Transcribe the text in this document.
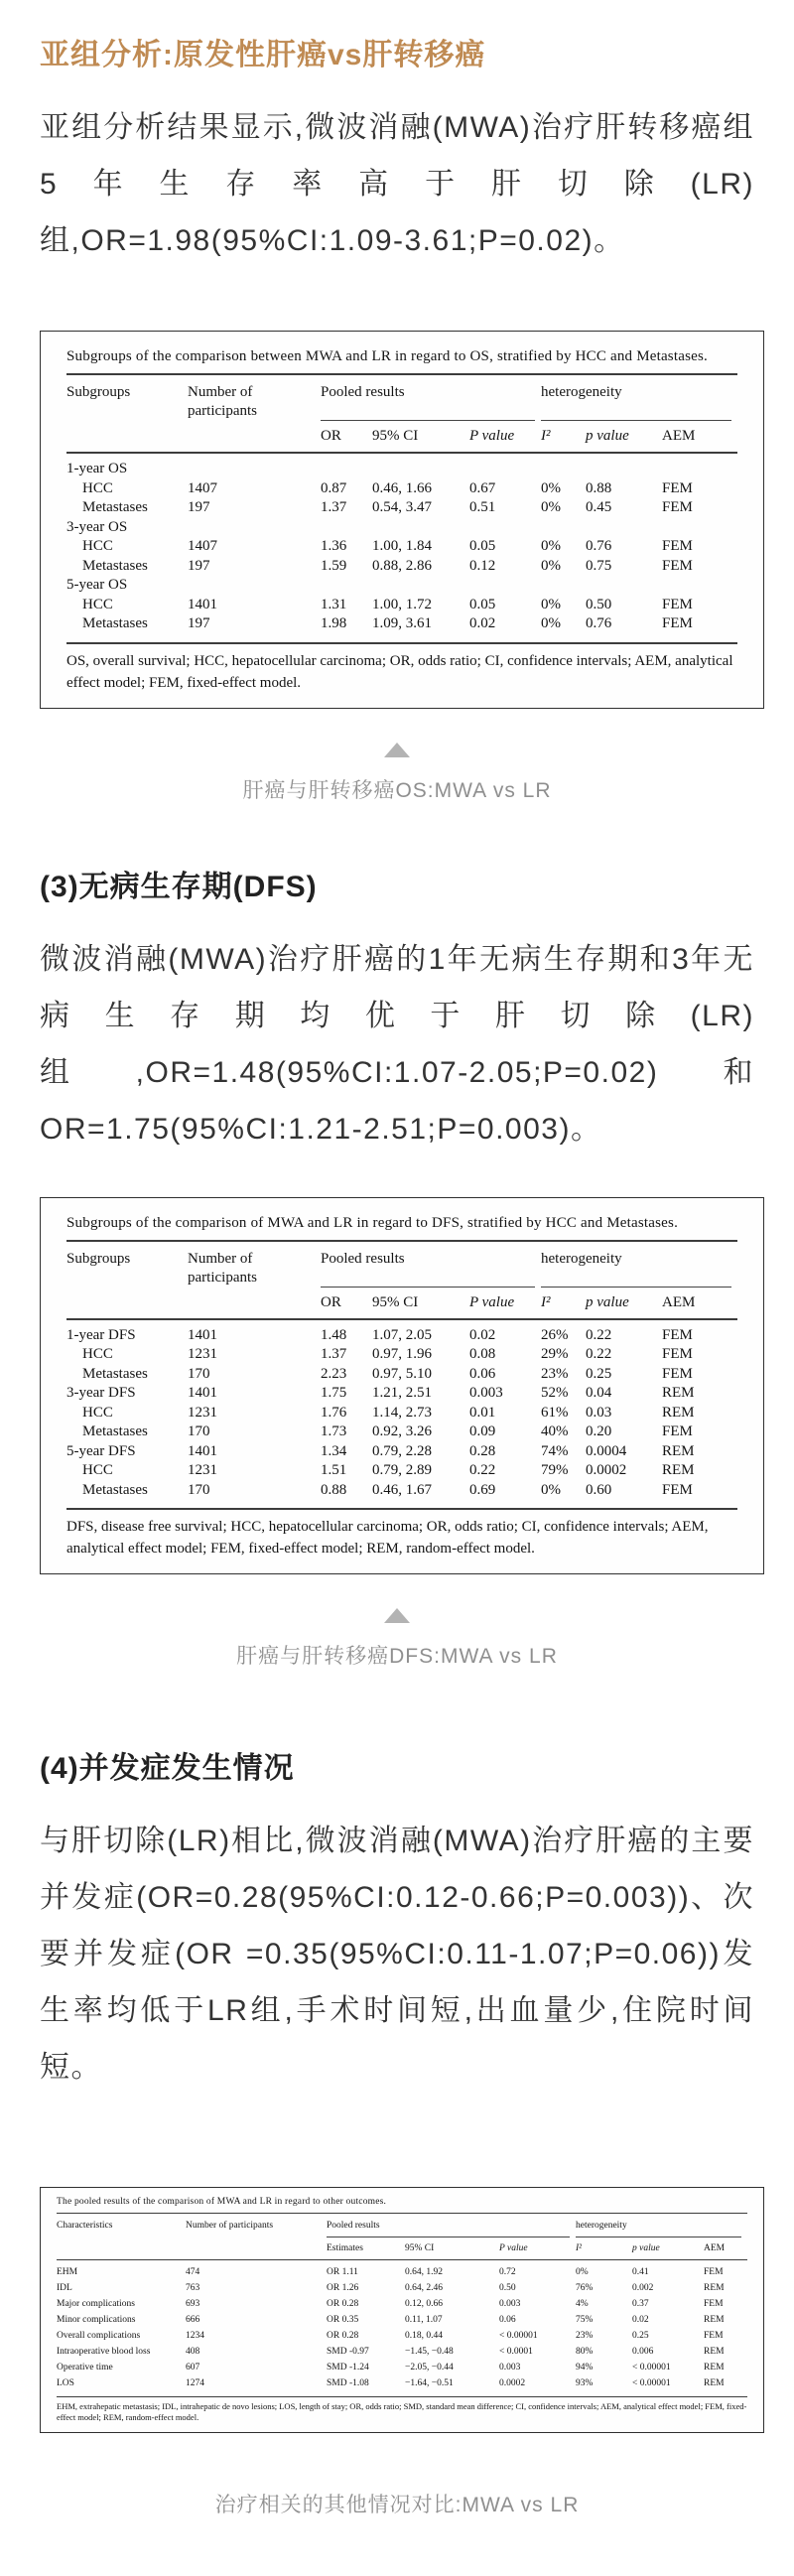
亚组分析:原发性肝癌vs肝转移癌

亚组分析结果显示,微波消融(MWA)治疗肝转移癌组5年生存率高于肝切除(LR)组,OR=1.98(95%CI:1.09-3.61;P=0.02)。

Subgroups of the comparison between MWA and LR in regard to OS, stratified by HCC and Metastases.
Subgroups	Number of participants
Pooled results	heterogeneity
OR	95% CI	P value	I²	p value	AEM
1-year OS
HCC	1407	0.87	0.46, 1.66	0.67	0%	0.88	FEM
Metastases	197	1.37	0.54, 3.47	0.51	0%	0.45	FEM
3-year OS
HCC	1407	1.36	1.00, 1.84	0.05	0%	0.76	FEM
Metastases	197	1.59	0.88, 2.86	0.12	0%	0.75	FEM
5-year OS
HCC	1401	1.31	1.00, 1.72	0.05	0%	0.50	FEM
Metastases	197	1.98	1.09, 3.61	0.02	0%	0.76	FEM
OS, overall survival; HCC, hepatocellular carcinoma; OR, odds ratio; CI, confidence intervals; AEM, analytical effect model; FEM, fixed-effect model.
肝癌与肝转移癌OS:MWA vs LR
(3)无病生存期(DFS)

微波消融(MWA)治疗肝癌的1年无病生存期和3年无病生存期均优于肝切除(LR)组,OR=1.48(95%CI:1.07-2.05;P=0.02)和OR=1.75(95%CI:1.21-2.51;P=0.003)。

Subgroups of the comparison of MWA and LR in regard to DFS, stratified by HCC and Metastases.
Subgroups	Number of participants
Pooled results	heterogeneity
OR	95% CI	P value	I²	p value	AEM
1-year DFS	1401	1.48	1.07, 2.05	0.02	26%	0.22	FEM
HCC	1231	1.37	0.97, 1.96	0.08	29%	0.22	FEM
Metastases	170	2.23	0.97, 5.10	0.06	23%	0.25	FEM
3-year DFS	1401	1.75	1.21, 2.51	0.003	52%	0.04	REM
HCC	1231	1.76	1.14, 2.73	0.01	61%	0.03	REM
Metastases	170	1.73	0.92, 3.26	0.09	40%	0.20	FEM
5-year DFS	1401	1.34	0.79, 2.28	0.28	74%	0.0004	REM
HCC	1231	1.51	0.79, 2.89	0.22	79%	0.0002	REM
Metastases	170	0.88	0.46, 1.67	0.69	0%	0.60	FEM
DFS, disease free survival; HCC, hepatocellular carcinoma; OR, odds ratio; CI, confidence intervals; AEM, analytical effect model; FEM, fixed-effect model; REM, random-effect model.
肝癌与肝转移癌DFS:MWA vs LR
(4)并发症发生情况

与肝切除(LR)相比,微波消融(MWA)治疗肝癌的主要并发症(OR=0.28(95%CI:0.12-0.66;P=0.003))、次要并发症(OR =0.35(95%CI:0.11-1.07;P=0.06))发生率均低于LR组,手术时间短,出血量少,住院时间短。

The pooled results of the comparison of MWA and LR in regard to other outcomes.
Characteristics	Number of participants	Pooled results	heterogeneity
Estimates	95% CI	P value	I²	p value	AEM
EHM	474	OR 1.11	0.64, 1.92	0.72	0%	0.41	FEM
IDL	763	OR 1.26	0.64, 2.46	0.50	76%	0.002	REM
Major complications	693	OR 0.28	0.12, 0.66	0.003	4%	0.37	FEM
Minor complications	666	OR 0.35	0.11, 1.07	0.06	75%	0.02	REM
Overall complications	1234	OR 0.28	0.18, 0.44	< 0.00001	23%	0.25	FEM
Intraoperative blood loss	408	SMD -0.97	−1.45, −0.48	< 0.0001	80%	0.006	REM
Operative time	607	SMD -1.24	−2.05, −0.44	0.003	94%	< 0.00001	REM
LOS	1274	SMD -1.08	−1.64, −0.51	0.0002	93%	< 0.00001	REM
EHM, extrahepatic metastasis; IDL, intrahepatic de novo lesions; LOS, length of stay; OR, odds ratio; SMD, standard mean difference; CI, confidence intervals; AEM, analytical effect model; FEM, fixed-effect model; REM, random-effect model.
治疗相关的其他情况对比:MWA vs LR
